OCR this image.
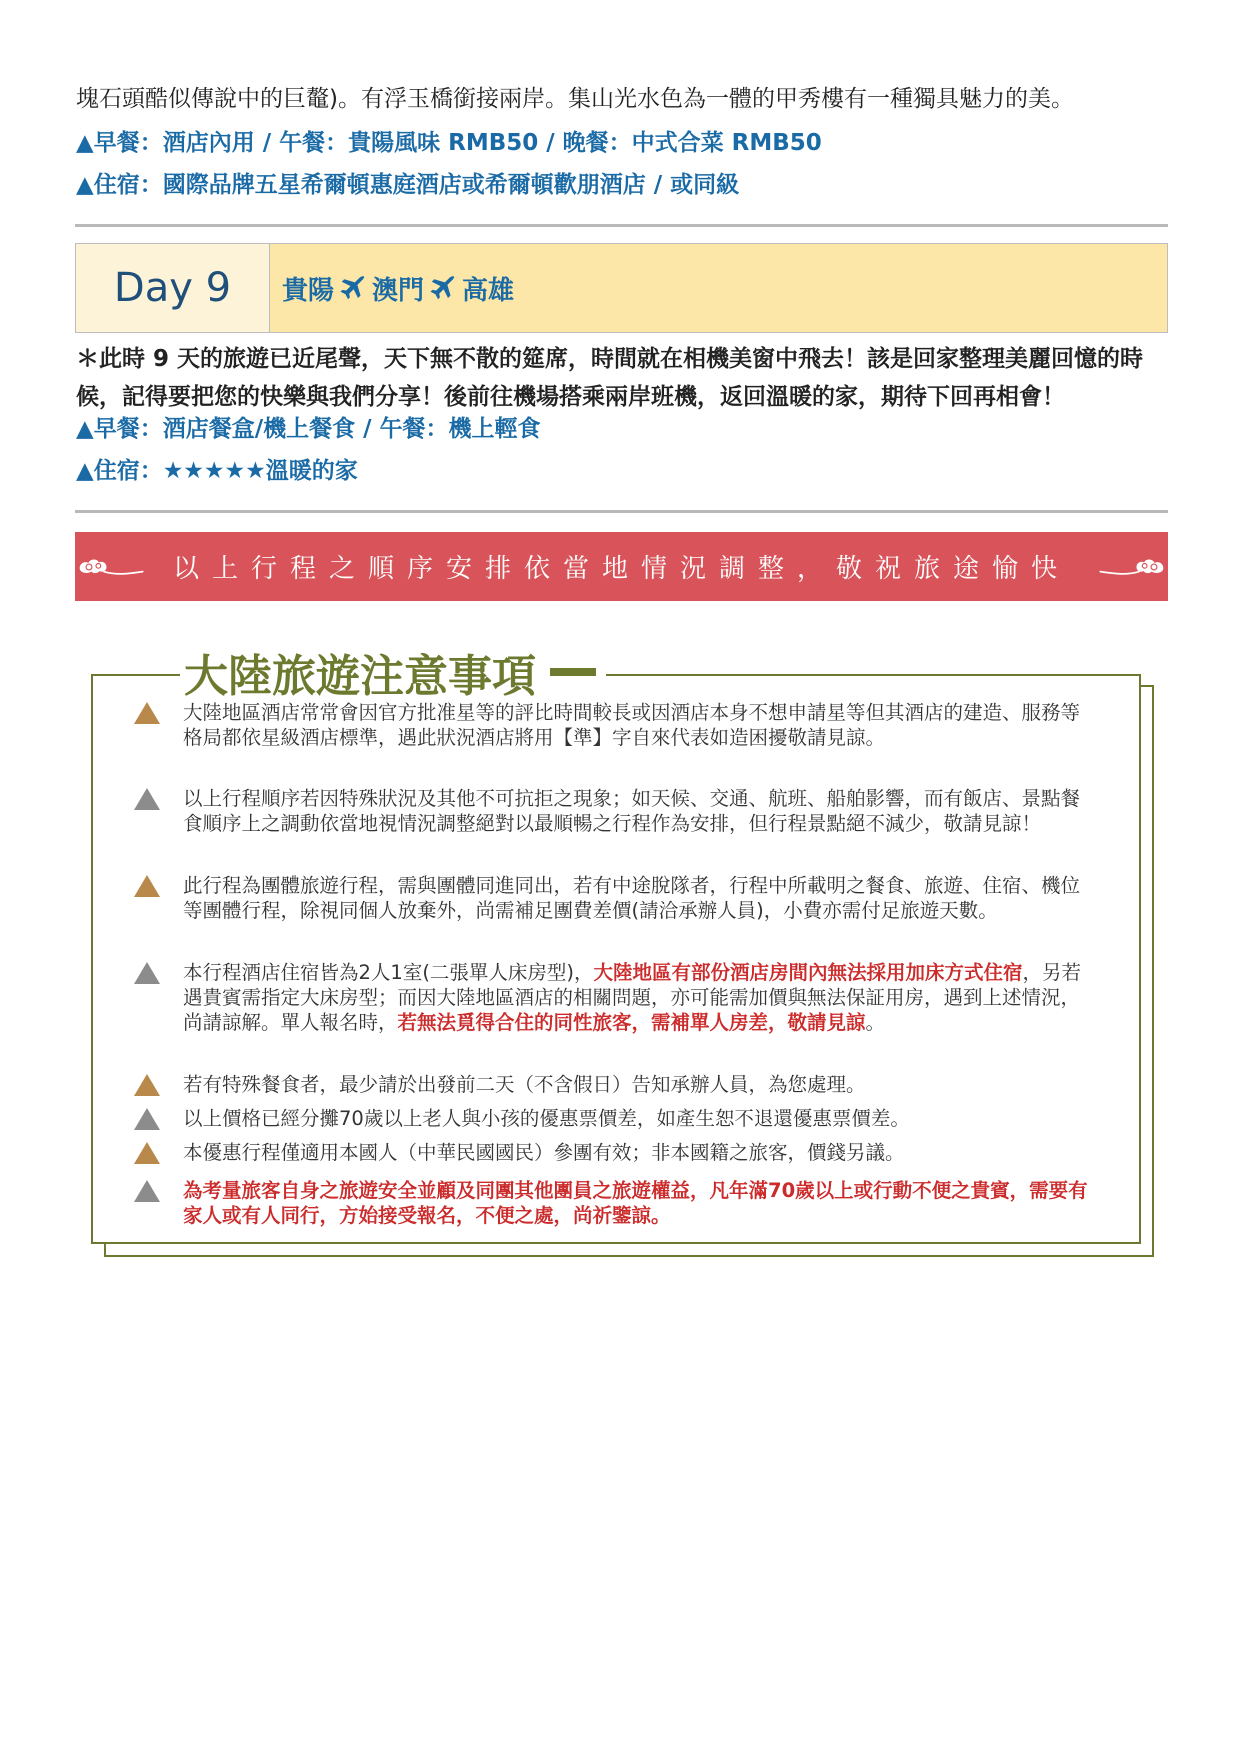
塊石頭酷似傳說中的巨鼇)。有浮玉橋銜接兩岸。集山光水色為一體的甲秀樓有一種獨具魅力的美。
▲早餐：酒店內用 / 午餐：貴陽風味 RMB50 / 晚餐：中式合菜 RMB50
▲住宿：國際品牌五星希爾頓惠庭酒店或希爾頓歡朋酒店 / 或同級
Day 9	貴陽 澳門 高雄
＊此時 9 天的旅遊已近尾聲，天下無不散的筵席，時間就在相機美窗中飛去！該是回家整理美麗回憶的時候，記得要把您的快樂與我們分享！後前往機場搭乘兩岸班機，返回溫暖的家，期待下回再相會！
▲早餐：酒店餐盒/機上餐食 / 午餐：機上輕食
▲住宿：★★★★★溫暖的家
以上行程之順序安排依當地情況調整，敬祝旅途愉快
大陸旅遊注意事項
大陸地區酒店常常會因官方批准星等的評比時間較長或因酒店本身不想申請星等但其酒店的建造、服務等格局都依星級酒店標準，遇此狀況酒店將用【準】字自來代表如造困擾敬請見諒。
以上行程順序若因特殊狀況及其他不可抗拒之現象；如天候、交通、航班、船舶影響，而有飯店、景點餐食順序上之調動依當地視情況調整絕對以最順暢之行程作為安排，但行程景點絕不減少，敬請見諒！
此行程為團體旅遊行程，需與團體同進同出，若有中途脫隊者，行程中所載明之餐食、旅遊、住宿、機位等團體行程，除視同個人放棄外，尚需補足團費差價(請洽承辦人員)，小費亦需付足旅遊天數。
本行程酒店住宿皆為2人1室(二張單人床房型)，大陸地區有部份酒店房間內無法採用加床方式住宿，另若遇貴賓需指定大床房型；而因大陸地區酒店的相關問題，亦可能需加價與無法保証用房，遇到上述情況，尚請諒解。單人報名時，若無法覓得合住的同性旅客，需補單人房差，敬請見諒。
若有特殊餐食者，最少請於出發前二天（不含假日）告知承辦人員，為您處理。
以上價格已經分攤70歲以上老人與小孩的優惠票價差，如產生恕不退還優惠票價差。
本優惠行程僅適用本國人（中華民國國民）參團有效；非本國籍之旅客，價錢另議。
為考量旅客自身之旅遊安全並顧及同團其他團員之旅遊權益，凡年滿70歲以上或行動不便之貴賓，需要有家人或有人同行，方始接受報名，不便之處，尚祈鑒諒。
